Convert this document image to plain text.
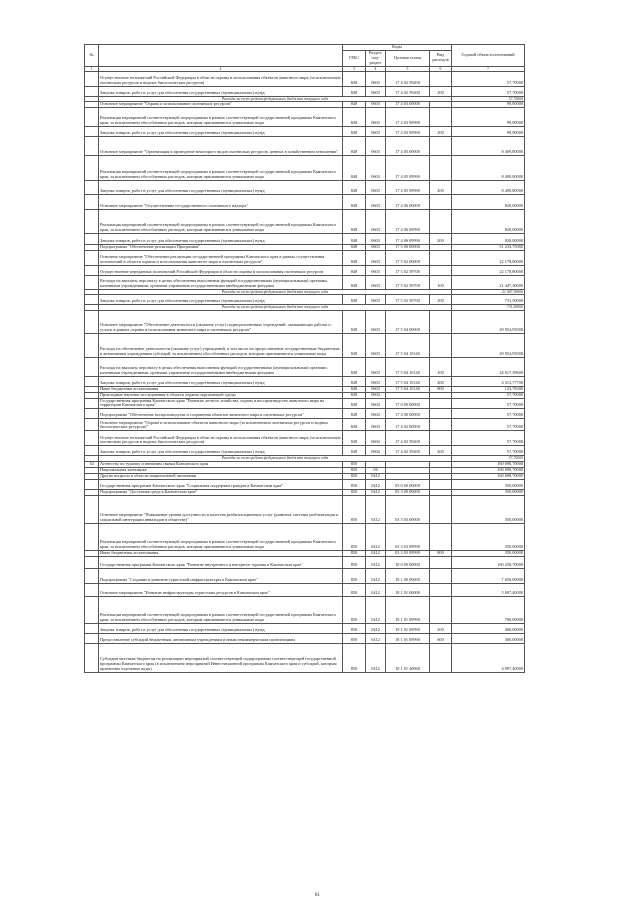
№		Коды				Годовой объем ассигнований
		ГРБС	Раздел, под-раздел	Целевая статья	Вид расходов	
1	2	3	4	5	6	7
	Осуществление полномочий Российской Федерации в области охраны и использования объектов животного мира (за исключением охотничьих ресурсов и водных биологических ресурсов)	848	0603	17 4 02 59200		57,70000
	Закупка товаров, работ и услуг для обеспечения государственных (муниципальных) нужд	848	0603	17 4 02 59200	200	57,70000
	Расходы за счет средств федерального бюджета текущего года					57,70000
	Основное мероприятие "Охрана и использование охотничьих ресурсов"	848	0603	17 4 03 00000		99,90000
	Реализация мероприятий соответствующей подпрограммы в рамках соответствующей государственной программы Камчатского края, за исключением обособленных расходов, которым присваиваются уникальные коды	848	0603	17 4 03 09990		99,90000
	Закупка товаров, работ и услуг для обеспечения государственных (муниципальных) нужд	848	0603	17 4 03 09990	200	99,90000
	Основное мероприятие "Организация и проведение некоторого видов охотничьих ресурсов, ценных в хозяйственном отношении"	848	0603	17 4 05 00000		8 409,80000
	Реализация мероприятий соответствующей подпрограммы в рамках соответствующей государственной программы Камчатского края, за исключением обособленных расходов, которым присваиваются уникальные коды	848	0603	17 4 05 09990		8 409,80000
	Закупка товаров, работ и услуг для обеспечения государственных (муниципальных) нужд	848	0603	17 4 05 09990	200	8 409,80000
	Основное мероприятие "Осуществление государственного охотничьего надзора"	848	0603	17 4 06 00000		820,00000
	Реализация мероприятий соответствующей подпрограммы в рамках соответствующей государственной программы Камчатского края, за исключением обособленных расходов, которым присваиваются уникальные коды	848	0603	17 4 06 09990		820,00000
	Закупка товаров, работ и услуг для обеспечения государственных (муниципальных) нужд	848	0603	17 4 06 09990	200	820,00000
	Подпрограмма "Обеспечение реализации Программы"	848	0603	17 5 00 00000		51 233,75000
	Основное мероприятие "Обеспечение реализации государственной программы Камчатского края в рамках осуществления полномочий в области охраны и использования животного мира и охотничьих ресурсов"	848	0603	17 5 02 00000		22 178,80000
	Осуществление переданных полномочий Российской Федерации в области охраны и использования охотничьих ресурсов	848	0603	17 5 02 59700		22 178,80000
	Расходы на выплаты персоналу в целях обеспечения выполнения функций государственными (муниципальными) органами, казенными учреждениями, органами управления государственными внебюджетными фондами	848	0603	17 5 02 59700	100	21 447,30000
	Расходы за счет средств федерального бюджета текущего года					21 447,30000
	Закупка товаров, работ и услуг для обеспечения государственных (муниципальных) нужд	848	0603	17 5 02 59700	200	731,50000
	Расходы за счет средств федерального бюджета текущего года					731,50000
	Основное мероприятие "Обеспечение деятельности (оказание услуг) подведомственных учреждений, оказывающих работы и услуги в рамках охраны и использования животного мира и охотничьих ресурсов"	848	0603	17 5 04 00000		29 054,95000
	Расходы на обеспечение деятельности (оказание услуг) учреждений, в том числе на предоставление государственным бюджетным и автономным учреждениям субсидий, за исключением обособленных расходов, которым присваиваются уникальные коды	848	0603	17 5 04 10140		29 054,95000
	Расходы на выплаты персоналу в целях обеспечения выполнения функций государственными (муниципальными) органами, казенными учреждениями, органами управления государственными внебюджетными фондами	848	0603	17 5 04 10140	100	24 617,39600
	Закупка товаров, работ и услуг для обеспечения государственных (муниципальных) нужд	848	0603	17 5 04 10140	200	4 313,77700
	Иные бюджетные ассигнования	848	0603	17 5 04 10140	800	123,78300
	Прикладные научные исследования в области охраны окружающей среды	848	0604			57,70000
	Государственная программа Камчатского края "Развитие лесного хозяйства, охрана и воспроизводство животного мира на территории Камчатского края"	848	0604	17 0 00 00000		57,70000
	Подпрограмма "Обеспечение воспроизводства и сохранения объектов животного мира и охотничьих ресурсов"	848	0604	17 4 00 00000		57,70000
	Основное мероприятие "Охрана и использование объектов животного мира (за исключением охотничьих ресурсов и водных биологических ресурсов)"	848	0604	17 4 02 00000		57,70000
	Осуществление полномочий Российской Федерации в области охраны и использования объектов животного мира (за исключением охотничьих ресурсов и водных биологических ресурсов)	848	0604	17 4 02 59200		57,70000
	Закупка товаров, работ и услуг для обеспечения государственных (муниципальных) нужд	848	0604	17 4 02 59200	200	57,70000
	Расходы за счет средств федерального бюджета текущего года					57,70000
34	Агентство по туризму и внешним связям Камчатского края	850				160 698,70000
	Национальная экономика	850	04			160 698,70000
	Другие вопросы в области национальной экономики	850	0412			160 698,70000
	Государственная программа Камчатского края "Социальная поддержка граждан в Камчатском крае"	850	0412	03 0 00 00000		350,00000
	Подпрограмма "Доступная среда в Камчатском крае"	850	0412	03 3 00 00000		350,00000
	Основное мероприятие "Повышение уровня доступности и качества реабилитационных услуг (развитие системы реабилитации и социальной интеграции инвалидов в обществе)"	850	0412	03 3 03 00000		350,00000
	Реализация мероприятий соответствующей подпрограммы в рамках соответствующей государственной программы Камчатского края, за исключением обособленных расходов, которым присваиваются уникальные коды	850	0412	03 3 03 09990		350,00000
	Иные бюджетные ассигнования	850	0412	03 3 03 09990	800	350,00000
	Государственная программа Камчатского края "Развитие внутреннего и въездного туризма в Камчатском крае"	850	0412	18 0 00 00000		160 258,70000
	Подпрограмма "Создание и развитие туристской инфраструктуры в Камчатском крае"	850	0412	18 1 00 00000		7 650,00000
	Основное мероприятие "Развитие инфраструктуры туристских ресурсов в Камчатском крае"	850	0412	18 1 01 00000		5 697,40000
	Реализация мероприятий соответствующей подпрограммы в рамках соответствующей государственной программы Камчатского края, за исключением обособленных расходов, которым присваиваются уникальные коды	850	0412	18 1 01 09990		700,00000
	Закупка товаров, работ и услуг для обеспечения государственных (муниципальных) нужд	850	0412	18 1 01 09990	200	400,00000
	Предоставление субсидий бюджетным, автономным учреждениям и иным некоммерческим организациям	850	0412	18 1 01 09990	600	300,00000
	Субсидии местным бюджетам на реализацию мероприятий соответствующей подпрограммы соответствующей государственной программы Камчатского края (в исключением мероприятий Инвестиционной программы Камчатского края и субсидий, которым присвоены отдельные коды)	850	0412	18 1 01 40060		4 997,40000
81
